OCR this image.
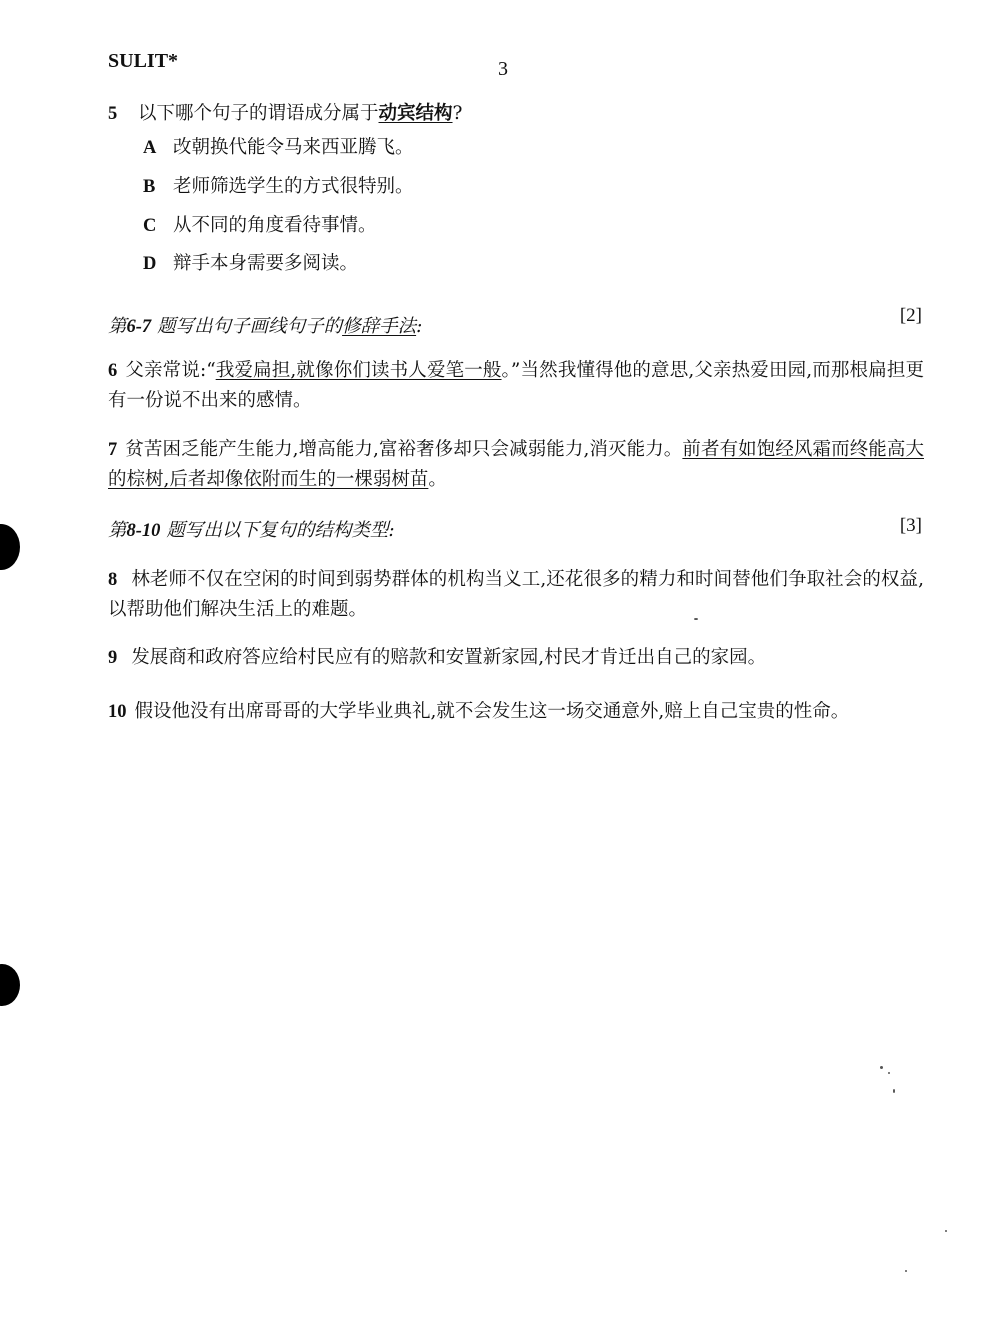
SULIT*	3
5 以下哪个句子的谓语成分属于动宾结构?
A 改朝换代能令马来西亚腾飞。
B 老师筛选学生的方式很特别。
C 从不同的角度看待事情。
D 辩手本身需要多阅读。
第6-7 题写出句子画线句子的修辞手法:
[2]
6 父亲常说:“我爱扁担,就像你们读书人爱笔一般。”当然我懂得他的意思,父亲热爱田园,而那根扁担更有一份说不出来的感情。
7 贫苦困乏能产生能力,增高能力,富裕奢侈却只会减弱能力,消灭能力。前者有如饱经风霜而终能高大的棕树,后者却像依附而生的一棵弱树苗。
第8-10 题写出以下复句的结构类型:	[3]
8 林老师不仅在空闲的时间到弱势群体的机构当义工,还花很多的精力和时间替他们争取社会的权益,以帮助他们解决生活上的难题。
9 发展商和政府答应给村民应有的赔款和安置新家园,村民才肯迁出自己的家园。
10 假设他没有出席哥哥的大学毕业典礼,就不会发生这一场交通意外,赔上自己宝贵的性命。
